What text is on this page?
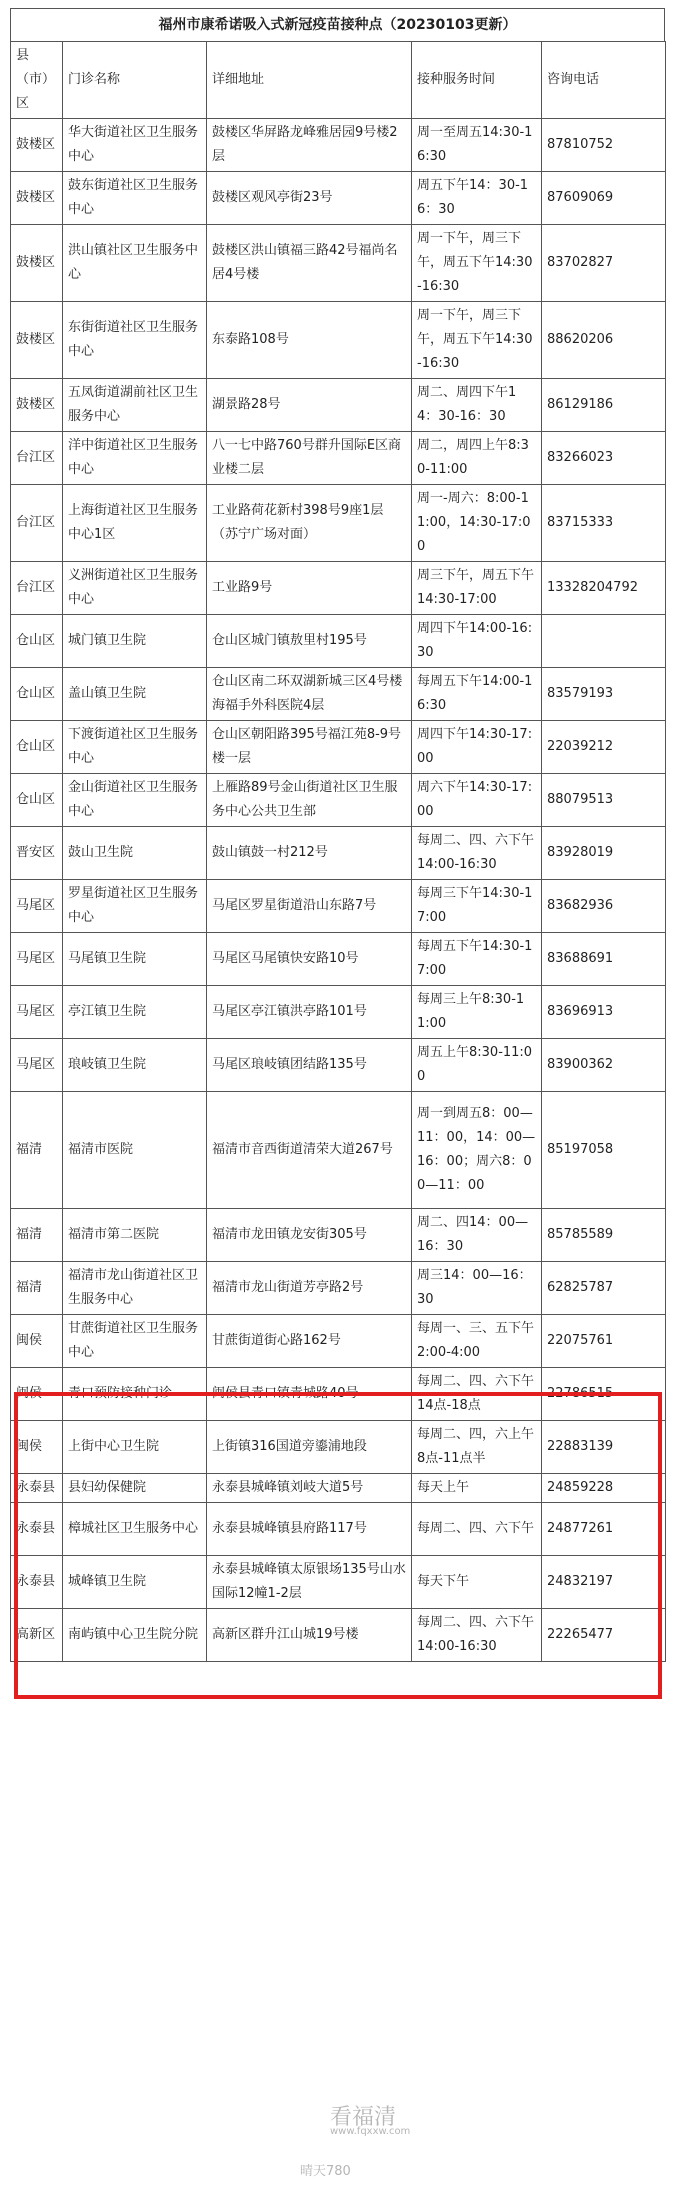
福州市康希诺吸入式新冠疫苗接种点（20230103更新）
县（市）区	门诊名称	详细地址	接种服务时间	咨询电话
鼓楼区	华大街道社区卫生服务中心	鼓楼区华屏路龙峰雅居园9号楼2层	周一至周五14:30-16:30	87810752
鼓楼区	鼓东街道社区卫生服务中心	鼓楼区观风亭街23号	周五下午14：30-16：30	87609069
鼓楼区	洪山镇社区卫生服务中心	鼓楼区洪山镇福三路42号福尚名居4号楼	周一下午，周三下午，周五下午14:30-16:30	83702827
鼓楼区	东街街道社区卫生服务中心	东泰路108号	周一下午，周三下午，周五下午14:30-16:30	88620206
鼓楼区	五凤街道湖前社区卫生服务中心	湖景路28号	周二、周四下午14：30-16：30	86129186
台江区	洋中街道社区卫生服务中心	八一七中路760号群升国际E区商业楼二层	周二，周四上午8:30-11:00	83266023
台江区	上海街道社区卫生服务中心1区	工业路荷花新村398号9座1层（苏宁广场对面）	周一-周六：8:00-11:00，14:30-17:00	83715333
台江区	义洲街道社区卫生服务中心	工业路9号	周三下午，周五下午14:30-17:00	13328204792
仓山区	城门镇卫生院	仓山区城门镇敖里村195号	周四下午14:00-16:30	
仓山区	盖山镇卫生院	仓山区南二环双湖新城三区4号楼海福手外科医院4层	每周五下午14:00-16:30	83579193
仓山区	下渡街道社区卫生服务中心	仓山区朝阳路395号福江苑8-9号楼一层	周四下午14:30-17:00	22039212
仓山区	金山街道社区卫生服务中心	上雁路89号金山街道社区卫生服务中心公共卫生部	周六下午14:30-17:00	88079513
晋安区	鼓山卫生院	鼓山镇鼓一村212号	每周二、四、六下午14:00-16:30	83928019
马尾区	罗星街道社区卫生服务中心	马尾区罗星街道沿山东路7号	每周三下午14:30-17:00	83682936
马尾区	马尾镇卫生院	马尾区马尾镇快安路10号	每周五下午14:30-17:00	83688691
马尾区	亭江镇卫生院	马尾区亭江镇洪亭路101号	每周三上午8:30-11:00	83696913
马尾区	琅岐镇卫生院	马尾区琅岐镇团结路135号	周五上午8:30-11:00	83900362
福清	福清市医院	福清市音西街道清荣大道267号	周一到周五8：00—11：00，14：00—16：00；周六8：00—11：00	85197058
福清	福清市第二医院	福清市龙田镇龙安街305号	周二、四14：00—16：30	85785589
福清	福清市龙山街道社区卫生服务中心	福清市龙山街道芳亭路2号	周三14：00—16：30	62825787
闽侯	甘蔗街道社区卫生服务中心	甘蔗街道街心路162号	每周一、三、五下午2:00-4:00	22075761
闽侯	青口预防接种门诊	闽侯县青口镇青城路40号	每周二、四、六下午14点-18点	22786515
闽侯	上街中心卫生院	上街镇316国道旁鎏浦地段	每周二、四，六上午8点-11点半	22883139
永泰县	县妇幼保健院	永泰县城峰镇刘岐大道5号	每天上午	24859228
永泰县	樟城社区卫生服务中心	永泰县城峰镇县府路117号	每周二、四、六下午	24877261
永泰县	城峰镇卫生院	永泰县城峰镇太原银场135号山水国际12幢1-2层	每天下午	24832197
高新区	南屿镇中心卫生院分院	高新区群升江山城19号楼	每周二、四、六下午14:00-16:30	22265477
看福清
www.fqxxw.com
晴天780
